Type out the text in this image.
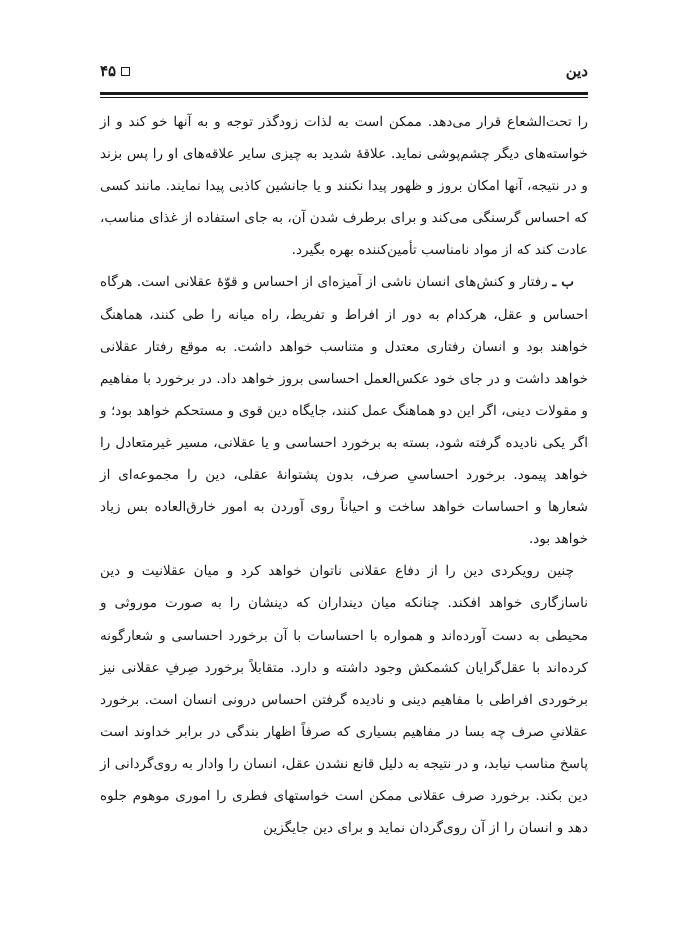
دین
۴۵

را تحت‌الشعاع قرار می‌دهد. ممکن است به لذات زودگذر توجه و به آنها خو کند و از خواسته‌های دیگر چشم‌پوشی نماید. علاقهٔ شدید به چیزی سایر علاقه‌های او را پس بزند و در نتیجه، آنها امکان بروز و ظهور پیدا نکنند و یا جانشین کاذبی پیدا نمایند. مانند کسی که احساس گرسنگی می‌کند و برای برطرف شدن آن، به جای استفاده از غذای مناسب، عادت کند که از مواد نامناسب تأمین‌کننده بهره بگیرد.

ب ـ رفتار و کنش‌های انسان ناشی از آمیزه‌ای از احساس و قوّهٔ عقلانی است. هرگاه احساس و عقل، هرکدام به دور از افراط و تفریط، راه میانه را طی کنند، هماهنگ خواهند بود و انسان رفتاری معتدل و متناسب خواهد داشت. به موقع رفتار عقلانی خواهد داشت و در جای خود عکس‌العمل احساسی بروز خواهد داد. در برخورد با مفاهیم و مقولات دینی، اگر این دو هماهنگ عمل کنند، جایگاه دین قوی و مستحکم خواهد بود؛ و اگر یکی نادیده گرفته شود، بسته به برخورد احساسی و یا عقلانی، مسیر غیرمتعادل را خواهد پیمود. برخورد احساسیِ صرف، بدون پشتوانهٔ عقلی، دین را مجموعه‌ای از شعارها و احساسات خواهد ساخت و احیاناً روی آوردن به امور خارق‌العاده بس زیاد خواهد بود.

چنین رویکردی دین را از دفاع عقلانی ناتوان خواهد کرد و میان عقلانیت و دین ناسازگاری خواهد افکند. چنانکه میان دینداران که دینشان را به صورت موروثی و محیطی به دست آورده‌اند و همواره با احساسات با آن برخورد احساسی و شعارگونه کرده‌اند با عقل‌گرایان کشمکش وجود داشته و دارد. متقابلاً برخورد صِرفِ عقلانی نیز برخوردی افراطی با مفاهیم دینی و نادیده گرفتن احساس درونی انسان است. برخورد عقلانیِ صرف چه بسا در مفاهیم بسیاری که صرفاً اظهار بندگی در برابر خداوند است پاسخ مناسب نیابد، و در نتیجه به دلیل قانع نشدن عقل، انسان را وادار به روی‌گردانی از دین بکند. برخورد صرف عقلانی ممکن است خواستهای فطری را اموری موهوم جلوه دهد و انسان را از آن روی‌گردان نماید و برای دین جایگزین
